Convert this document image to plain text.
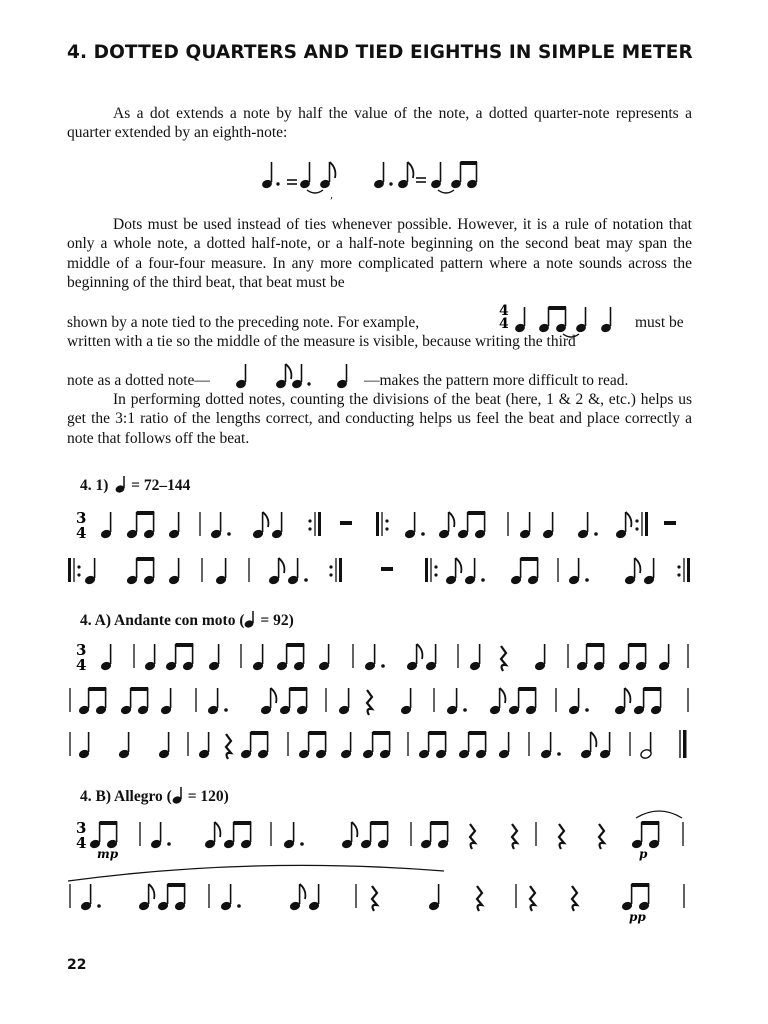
4. DOTTED QUARTERS AND TIED EIGHTHS IN SIMPLE METER
As a dot extends a note by half the value of the note, a dotted quarter-note represents a quarter extended by an eighth-note:
,
Dots must be used instead of ties whenever possible. However, it is a rule of notation that only a whole note, a dotted half-note, or a half-note beginning on the second beat may span the middle of a four-four measure. In any more complicated pattern where a note sounds across the beginning of the third beat, that beat must be
shown by a note tied to the preceding note. For example,
4
4	must be
written with a tie so the middle of the measure is visible, because writing the third
note as a dotted note—	—makes the pattern more difficult to read.
In performing dotted notes, counting the divisions of the beat (here, 1 & 2 &, etc.) helps us get the 3:1 ratio of the lengths correct, and conducting helps us feel the beat and place correctly a note that follows off the beat.
4. 1) = 72–144
3
4
4. A) Andante con moto ( = 92)
3
4
4. B) Allegro ( = 120)
3
4
mp	p
pp
22
